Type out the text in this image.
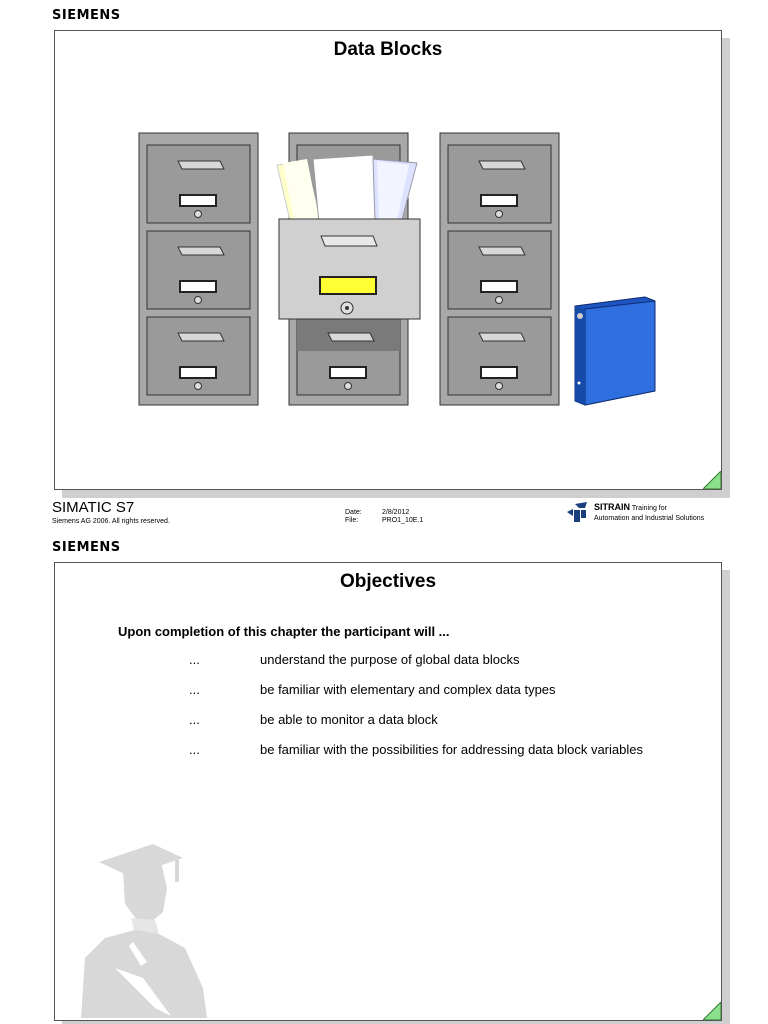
SIEMENS
Data Blocks
SIMATIC S7
Siemens AG 2006. All rights reserved.
Date:	2/8/2012
File:	PRO1_10E.1
SITRAIN Training for
Automation and Industrial Solutions
SIEMENS
Objectives
Upon completion of this chapter the participant will ...
...	understand the purpose of global data blocks
...	be familiar with elementary and complex data types
...	be able to monitor a data block
...	be familiar with the possibilities for addressing data block variables
